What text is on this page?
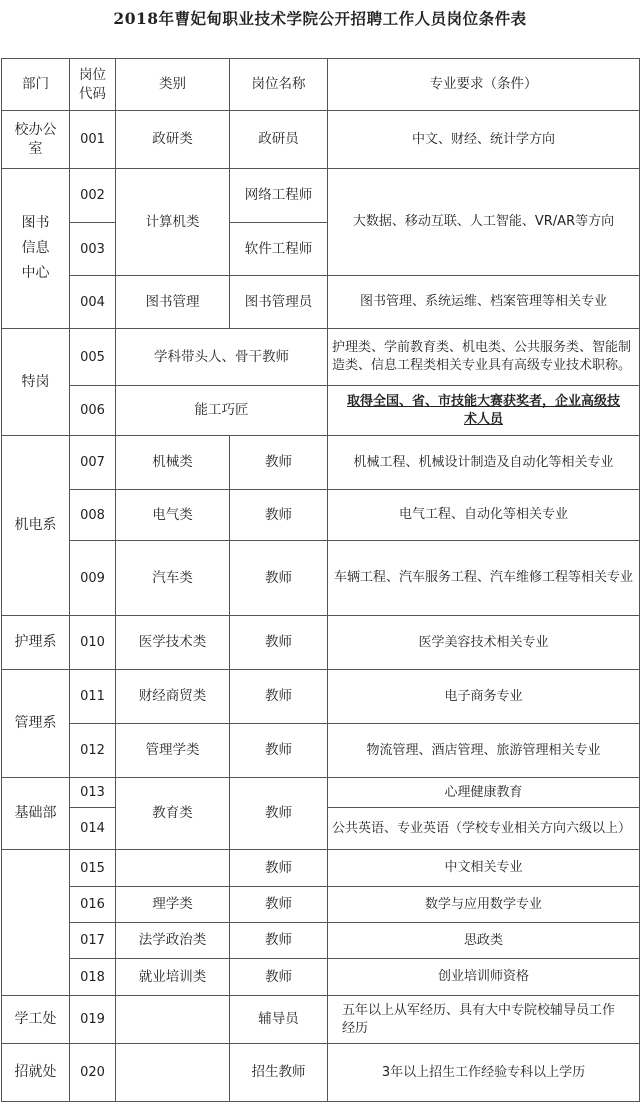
2018年曹妃甸职业技术学院公开招聘工作人员岗位条件表
部门	岗位代码	类别	岗位名称	专业要求（条件）
校办公室	001	政研类	政研员	中文、财经、统计学方向
图书信息中心	002	计算机类	网络工程师	大数据、移动互联、人工智能、VR/AR等方向
	003		软件工程师	
	004	图书管理	图书管理员	图书管理、系统运维、档案管理等相关专业
特岗	005	学科带头人、骨干教师		护理类、学前教育类、机电类、公共服务类、智能制造类、信息工程类相关专业具有高级专业技术职称。
	006	能工巧匠		取得全国、省、市技能大赛获奖者，企业高级技术人员
机电系	007	机械类	教师	机械工程、机械设计制造及自动化等相关专业
	008	电气类	教师	电气工程、自动化等相关专业
	009	汽车类	教师	车辆工程、汽车服务工程、汽车维修工程等相关专业
护理系	010	医学技术类	教师	医学美容技术相关专业
管理系	011	财经商贸类	教师	电子商务专业
	012	管理学类	教师	物流管理、酒店管理、旅游管理相关专业
基础部	013	教育类	教师	心理健康教育
	014			公共英语、专业英语（学校专业相关方向六级以上）
	015		教师	中文相关专业
	016	理学类	教师	数学与应用数学专业
	017	法学政治类	教师	思政类
	018	就业培训类	教师	创业培训师资格
学工处	019		辅导员	五年以上从军经历、具有大中专院校辅导员工作经历
招就处	020		招生教师	3年以上招生工作经验专科以上学历
